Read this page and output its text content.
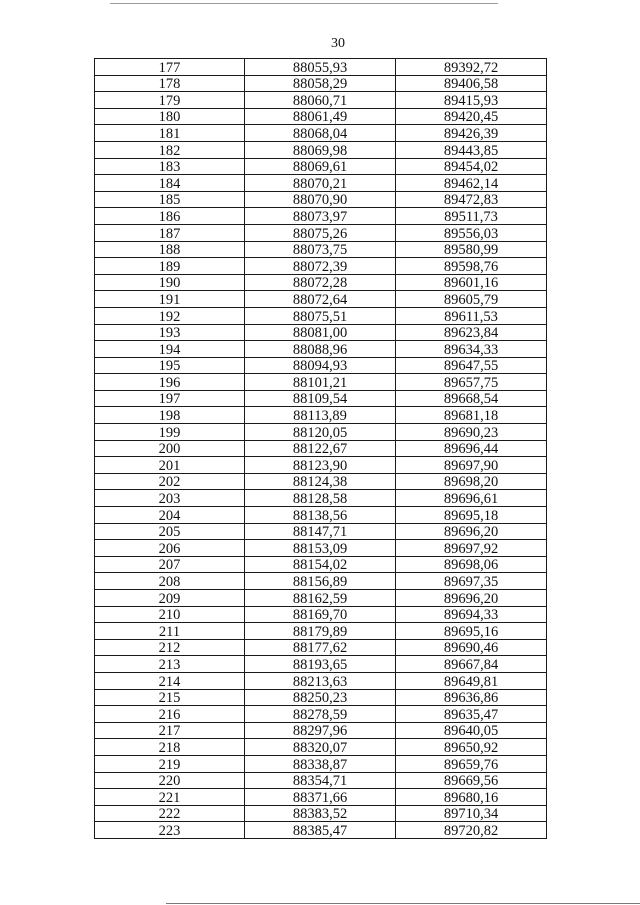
30
177	88055,93	89392,72
178	88058,29	89406,58
179	88060,71	89415,93
180	88061,49	89420,45
181	88068,04	89426,39
182	88069,98	89443,85
183	88069,61	89454,02
184	88070,21	89462,14
185	88070,90	89472,83
186	88073,97	89511,73
187	88075,26	89556,03
188	88073,75	89580,99
189	88072,39	89598,76
190	88072,28	89601,16
191	88072,64	89605,79
192	88075,51	89611,53
193	88081,00	89623,84
194	88088,96	89634,33
195	88094,93	89647,55
196	88101,21	89657,75
197	88109,54	89668,54
198	88113,89	89681,18
199	88120,05	89690,23
200	88122,67	89696,44
201	88123,90	89697,90
202	88124,38	89698,20
203	88128,58	89696,61
204	88138,56	89695,18
205	88147,71	89696,20
206	88153,09	89697,92
207	88154,02	89698,06
208	88156,89	89697,35
209	88162,59	89696,20
210	88169,70	89694,33
211	88179,89	89695,16
212	88177,62	89690,46
213	88193,65	89667,84
214	88213,63	89649,81
215	88250,23	89636,86
216	88278,59	89635,47
217	88297,96	89640,05
218	88320,07	89650,92
219	88338,87	89659,76
220	88354,71	89669,56
221	88371,66	89680,16
222	88383,52	89710,34
223	88385,47	89720,82
